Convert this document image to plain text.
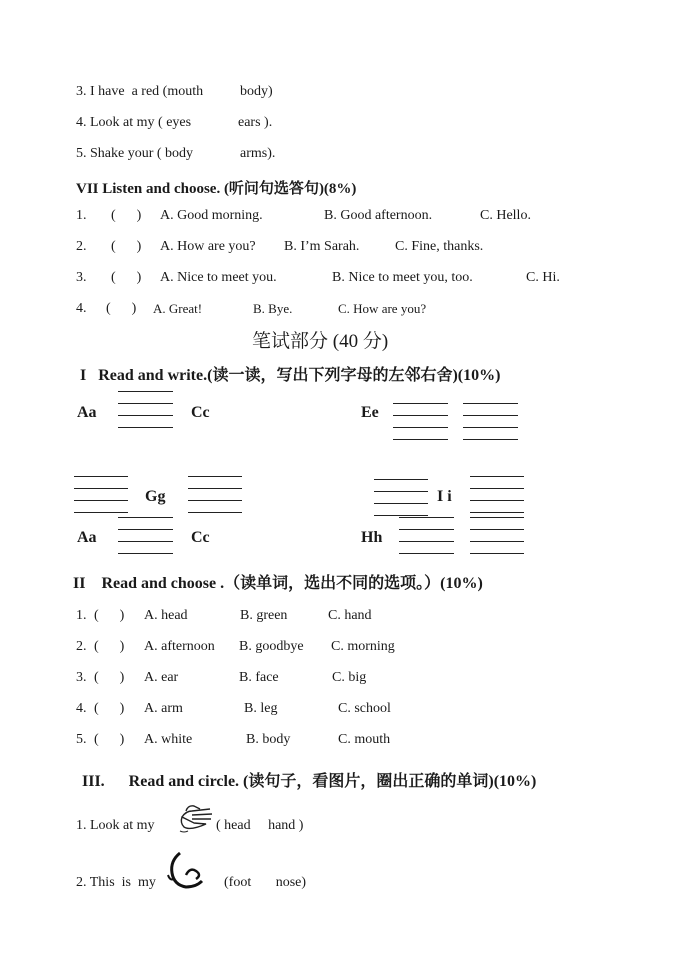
3. I have  a red (mouth	body)
4. Look at my ( eyes	ears ).
5. Shake your ( body	arms).
VII Listen and choose. (听问句选答句)(8%)
1. (      ) A. Good morning.	B. Good afternoon.	C. Hello.
2. (      ) A. How are you? B. I’m Sarah.	C. Fine, thanks.
3. (      ) A. Nice to meet you.	B. Nice to meet you, too.	C. Hi.
4. (      ) A. Great!	B. Bye.	C. How are you?
笔试部分 (40 分)
I   Read and write.(读一读，写出下列字母的左邻右舍)(10%)
Aa	Cc	Ee
Gg	I i
Aa	Cc	Hh
II    Read and choose .（读单词，选出不同的选项。）(10%)
1. (      ) A. head	B. green	C. hand
2. (      ) A. afternoon B. goodbye C. morning
3. (      ) A. ear	B. face	C. big
4. (      ) A. arm	B. leg	C. school
5. (      ) A. white	B. body	C. mouth
III.      Read and circle. (读句子，看图片，圈出正确的单词)(10%)
1. Look at my	( head     hand )
2. This  is  my	(foot       nose)
